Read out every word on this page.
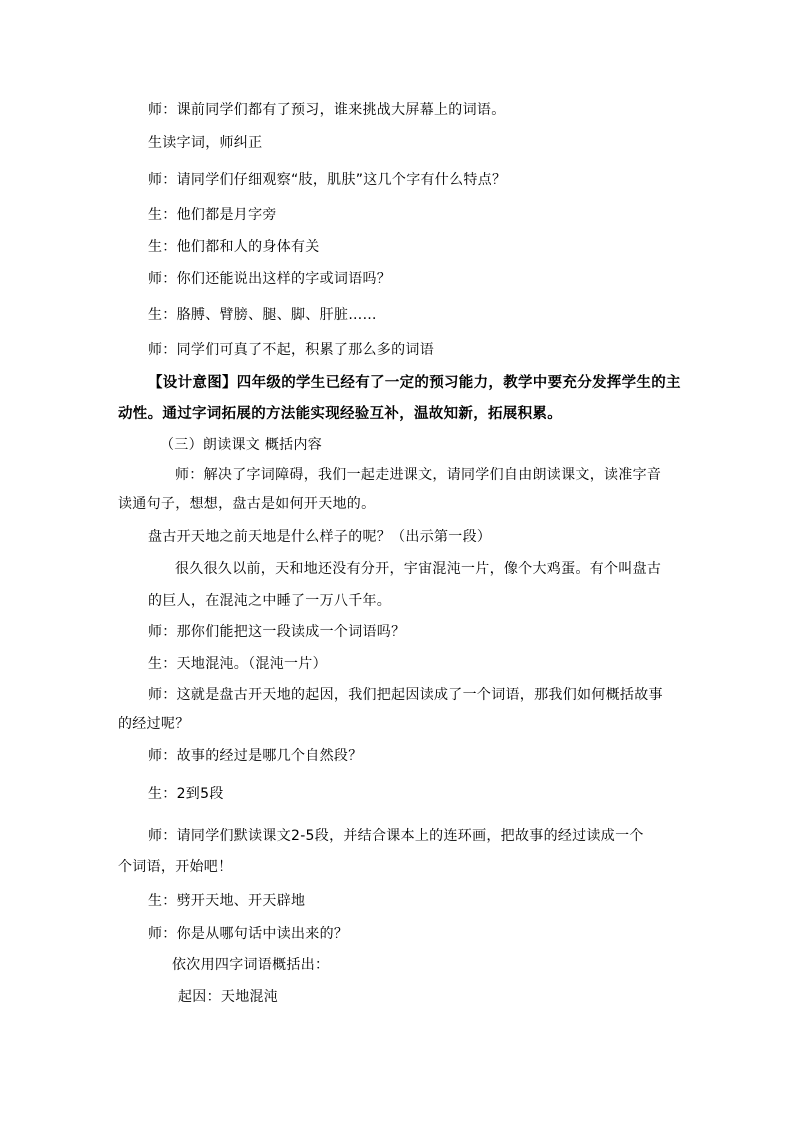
师：课前同学们都有了预习，谁来挑战大屏幕上的词语。
生读字词，师纠正
师：请同学们仔细观察“肢，肌肤”这几个字有什么特点？
生：他们都是月字旁
生：他们都和人的身体有关
师：你们还能说出这样的字或词语吗？
生：胳膊、臂膀、腿、脚、肝脏……
师：同学们可真了不起，积累了那么多的词语
【设计意图】四年级的学生已经有了一定的预习能力，教学中要充分发挥学生的主
动性。通过字词拓展的方法能实现经验互补，温故知新，拓展积累。
（三）朗读课文 概括内容
师：解决了字词障碍，我们一起走进课文，请同学们自由朗读课文，读准字音
读通句子，想想，盘古是如何开天地的。
盘古开天地之前天地是什么样子的呢？（出示第一段）
很久很久以前，天和地还没有分开，宇宙混沌一片，像个大鸡蛋。有个叫盘古
的巨人，在混沌之中睡了一万八千年。
师：那你们能把这一段读成一个词语吗？
生：天地混沌。（混沌一片）
师：这就是盘古开天地的起因，我们把起因读成了一个词语，那我们如何概括故事
的经过呢？
师：故事的经过是哪几个自然段？
生：2到5段
师：请同学们默读课文2-5段，并结合课本上的连环画，把故事的经过读成一个
个词语，开始吧！
生：劈开天地、开天辟地
师：你是从哪句话中读出来的？
依次用四字词语概括出：
起因：天地混沌
